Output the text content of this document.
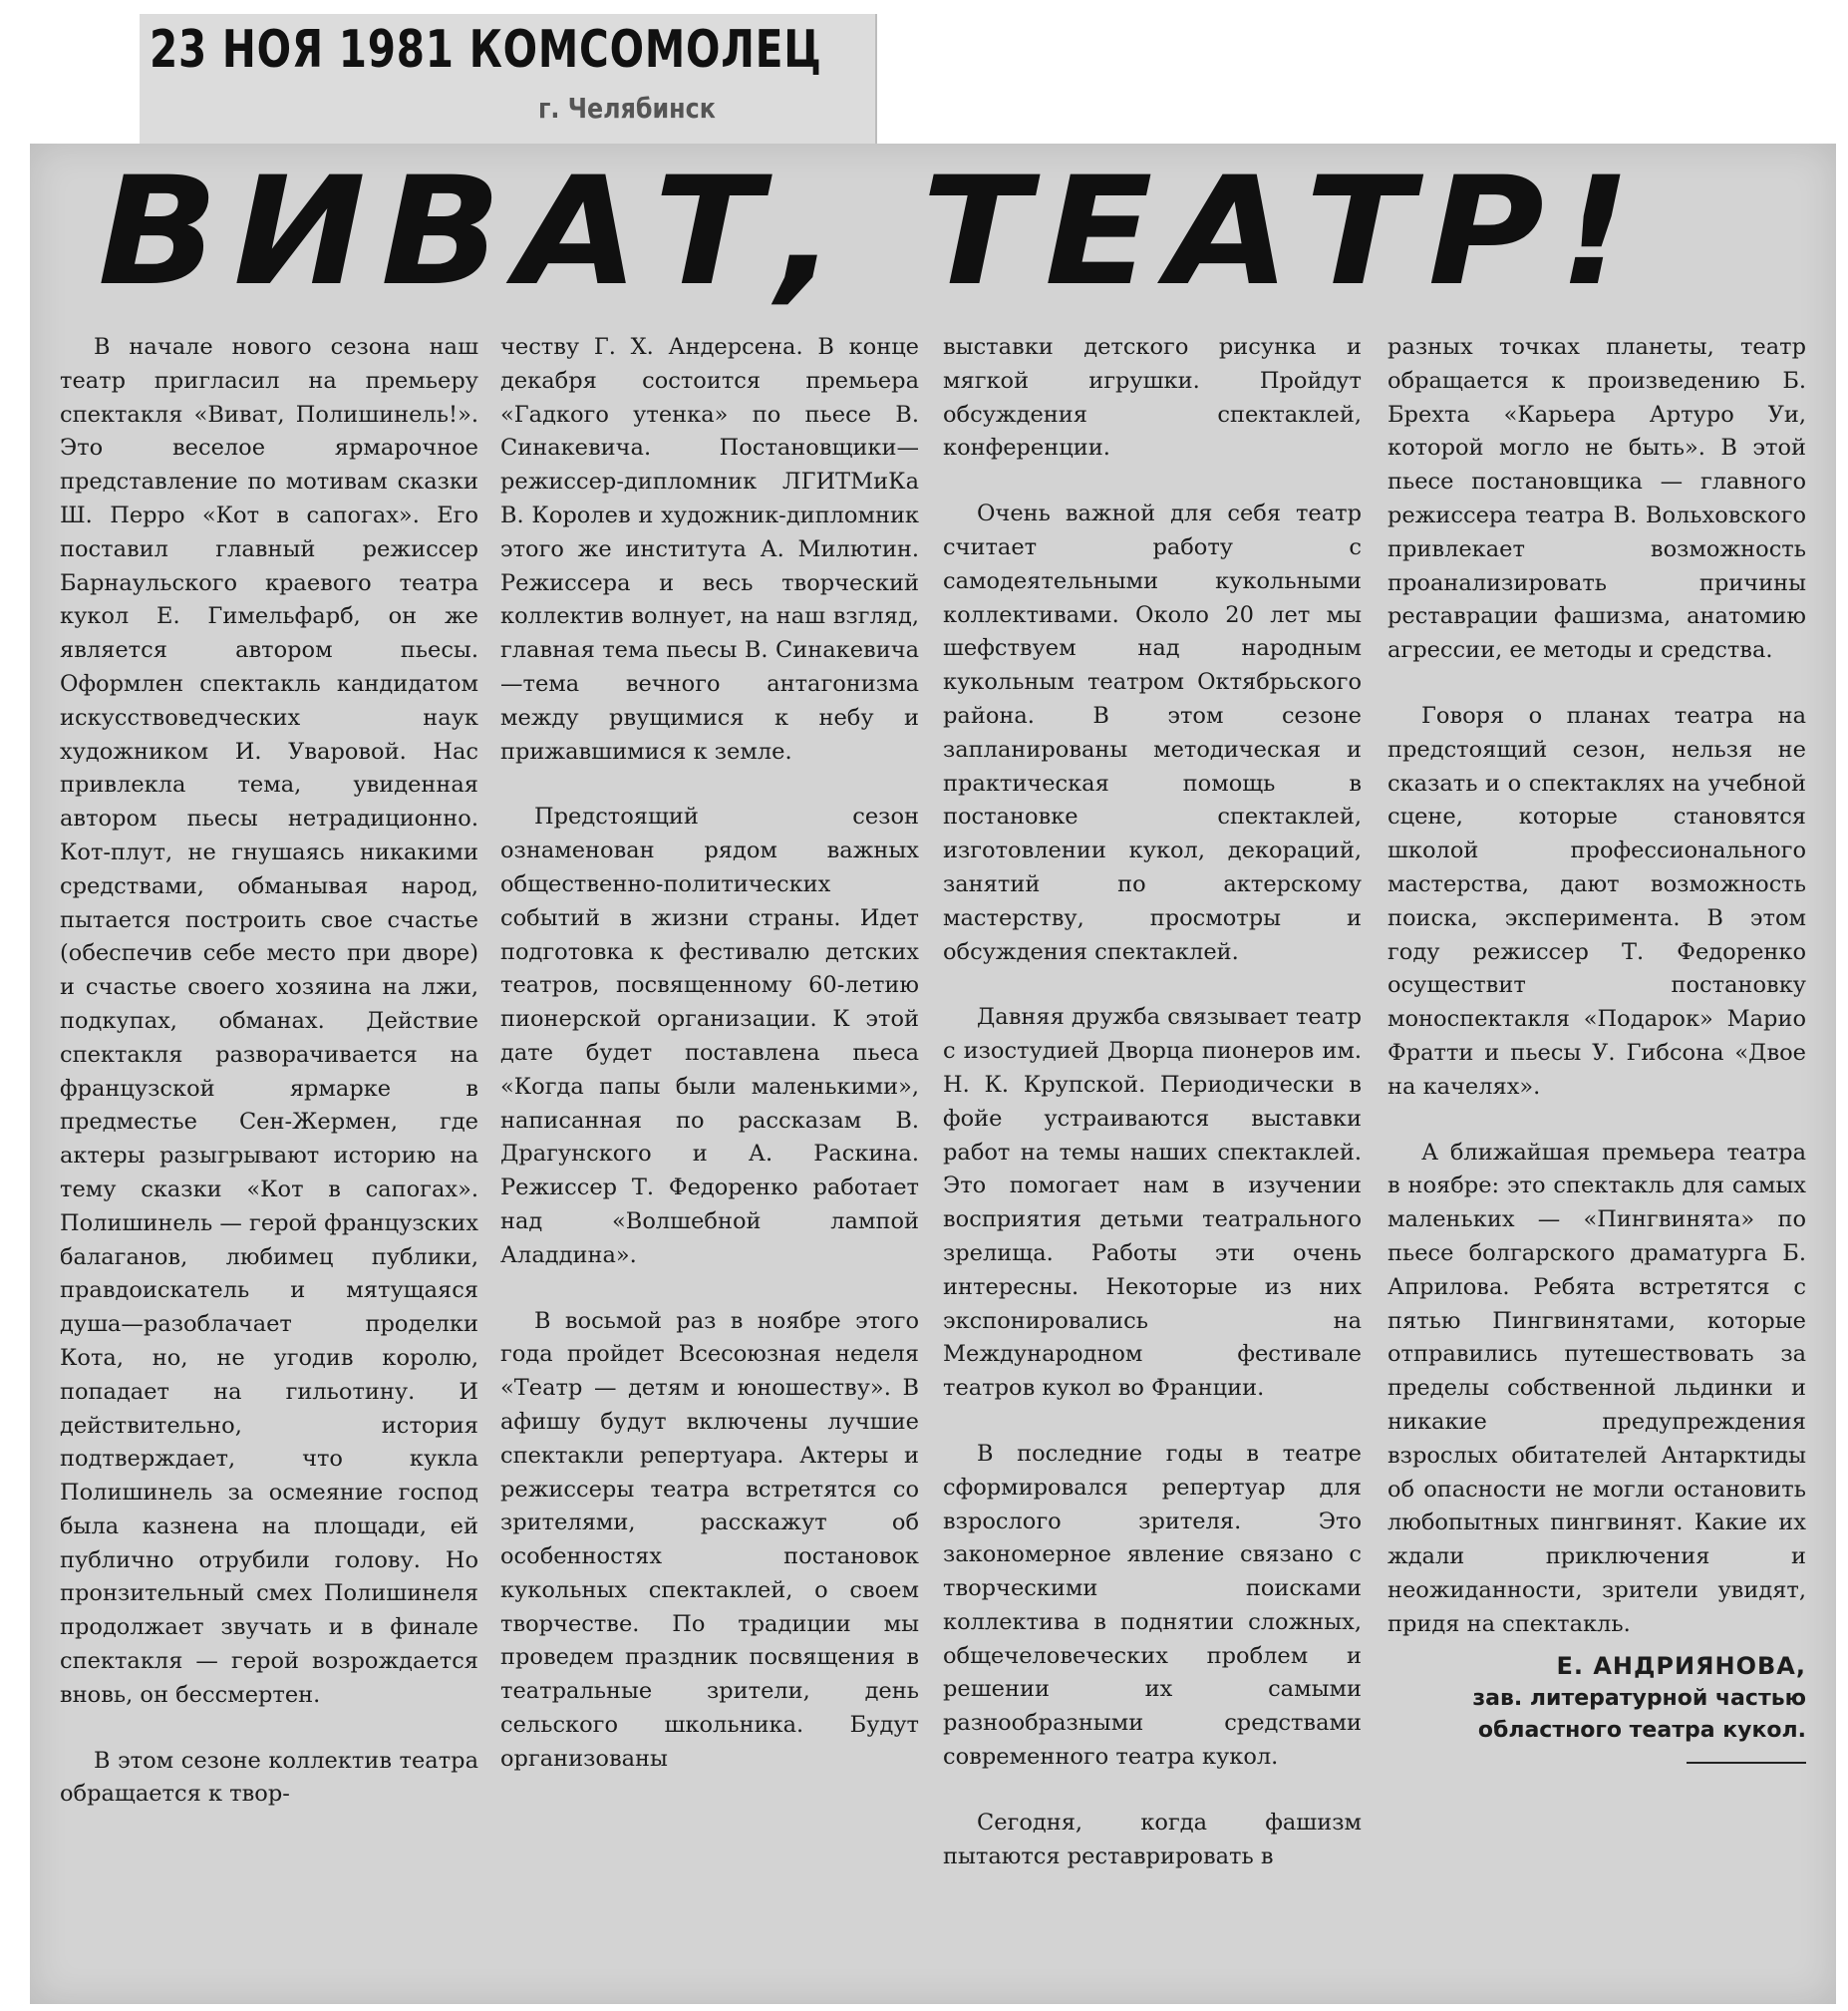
23 НОЯ 1981 КОМСОМОЛЕЦ
г. Челябинск
ВИВАТ, ТЕАТР!

В начале нового сезона наш театр пригласил на премьеру спектакля «Виват, Полишинель!». Это веселое ярмарочное представление по мотивам сказки Ш. Перро «Кот в сапогах». Его поставил главный режиссер Барнаульского краевого театра кукол Е. Гимельфарб, он же является автором пьесы. Оформлен спектакль кандидатом искусствоведческих наук художником И. Уваровой. Нас привлекла тема, увиденная автором пьесы нетрадиционно. Кот-плут, не гнушаясь никакими средствами, обманывая народ, пытается построить свое счастье (обеспечив себе место при дворе) и счастье своего хозяина на лжи, подкупах, обманах. Действие спектакля разворачивается на французской ярмарке в предместье Сен-Жермен, где актеры разыгрывают историю на тему сказки «Кот в сапогах». Полишинель — герой французских балаганов, любимец публики, правдоискатель и мятущаяся душа—разоблачает проделки Кота, но, не угодив королю, попадает на гильотину. И действительно, история подтверждает, что кукла Полишинель за осмеяние господ была казнена на площади, ей публично отрубили голову. Но пронзительный смех Полишинеля продолжает звучать и в финале спектакля — герой возрождается вновь, он бессмертен.

В этом сезоне коллектив театра обращается к твор-

честву Г. Х. Андерсена. В конце декабря состоится премьера «Гадкого утенка» по пьесе В. Синакевича. Постановщики—режиссер-дипломник ЛГИТМиКа В. Королев и художник-дипломник этого же института А. Милютин. Режиссера и весь творческий коллектив волнует, на наш взгляд, главная тема пьесы В. Синакевича—тема вечного антагонизма между рвущимися к небу и прижавшимися к земле.

Предстоящий сезон ознаменован рядом важных общественно-политических событий в жизни страны. Идет подготовка к фестивалю детских театров, посвященному 60-летию пионерской организации. К этой дате будет поставлена пьеса «Когда папы были маленькими», написанная по рассказам В. Драгунского и А. Раскина. Режиссер Т. Федоренко работает над «Волшебной лампой Аладдина».

В восьмой раз в ноябре этого года пройдет Всесоюзная неделя «Театр — детям и юношеству». В афишу будут включены лучшие спектакли репертуара. Актеры и режиссеры театра встретятся со зрителями, расскажут об особенностях постановок кукольных спектаклей, о своем творчестве. По традиции мы проведем праздник посвящения в театральные зрители, день сельского школьника. Будут организованы

выставки детского рисунка и мягкой игрушки. Пройдут обсуждения спектаклей, конференции.

Очень важной для себя театр считает работу с самодеятельными кукольными коллективами. Около 20 лет мы шефствуем над народным кукольным театром Октябрьского района. В этом сезоне запланированы методическая и практическая помощь в постановке спектаклей, изготовлении кукол, декораций, занятий по актерскому мастерству, просмотры и обсуждения спектаклей.

Давняя дружба связывает театр с изостудией Дворца пионеров им. Н. К. Крупской. Периодически в фойе устраиваются выставки работ на темы наших спектаклей. Это помогает нам в изучении восприятия детьми театрального зрелища. Работы эти очень интересны. Некоторые из них экспонировались на Международном фестивале театров кукол во Франции.

В последние годы в театре сформировался репертуар для взрослого зрителя. Это закономерное явление связано с творческими поисками коллектива в поднятии сложных, общечеловеческих проблем и решении их самыми разнообразными средствами современного театра кукол.

Сегодня, когда фашизм пытаются реставрировать в

разных точках планеты, театр обращается к произведению Б. Брехта «Карьера Артуро Уи, которой могло не быть». В этой пьесе постановщика — главного режиссера театра В. Вольховского привлекает возможность проанализировать причины реставрации фашизма, анатомию агрессии, ее методы и средства.

Говоря о планах театра на предстоящий сезон, нельзя не сказать и о спектаклях на учебной сцене, которые становятся школой профессионального мастерства, дают возможность поиска, эксперимента. В этом году режиссер Т. Федоренко осуществит постановку моноспектакля «Подарок» Марио Фратти и пьесы У. Гибсона «Двое на качелях».

А ближайшая премьера театра в ноябре: это спектакль для самых маленьких — «Пингвинята» по пьесе болгарского драматурга Б. Априлова. Ребята встретятся с пятью Пингвинятами, которые отправились путешествовать за пределы собственной льдинки и никакие предупреждения взрослых обитателей Антарктиды об опасности не могли остановить любопытных пингвинят. Какие их ждали приключения и неожиданности, зрители увидят, придя на спектакль.

Е. АНДРИЯНОВА,
зав. литературной частью областного театра кукол.
